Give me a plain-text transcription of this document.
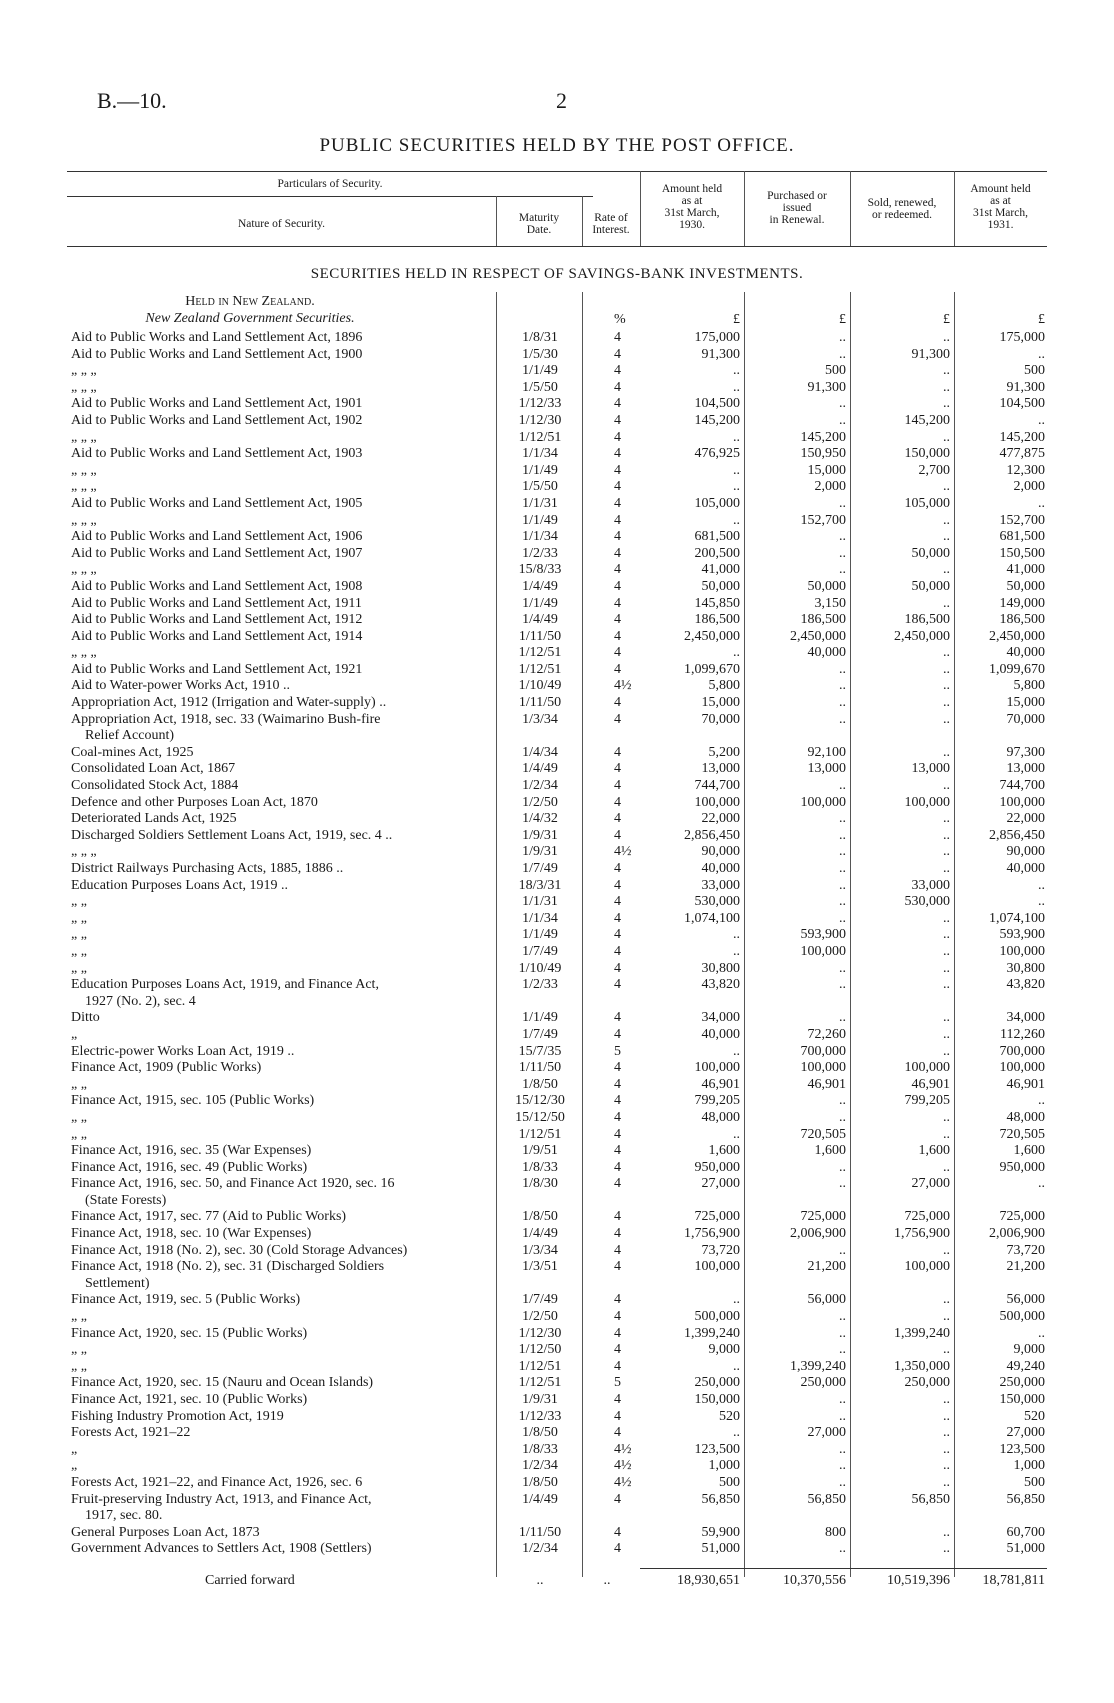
B.—10.	2
PUBLIC SECURITIES HELD BY THE POST OFFICE.
Particulars of Security.
Nature of Security.	Maturity
Date.
Rate of
Interest.
Amount held
as at
31st March,
1930.
Purchased or
issued
in Renewal.
Sold, renewed,
or redeemed.
Amount held
as at
31st March,
1931.
SECURITIES HELD IN RESPECT OF SAVINGS-BANK INVESTMENTS.
Held in New Zealand.
New Zealand Government Securities.	%	£	£	£	£
Aid to Public Works and Land Settlement Act, 1896	1/8/31	4	175,000	..	..	175,000
Aid to Public Works and Land Settlement Act, 1900	1/5/30	4	91,300	..	91,300	..
„ „ „	1/1/49	4	..	500	..	500
„ „ „	1/5/50	4	..	91,300	..	91,300
Aid to Public Works and Land Settlement Act, 1901	1/12/33	4	104,500	..	..	104,500
Aid to Public Works and Land Settlement Act, 1902	1/12/30	4	145,200	..	145,200	..
„ „ „	1/12/51	4	..	145,200	..	145,200
Aid to Public Works and Land Settlement Act, 1903	1/1/34	4	476,925	150,950	150,000	477,875
„ „ „	1/1/49	4	..	15,000	2,700	12,300
„ „ „	1/5/50	4	..	2,000	..	2,000
Aid to Public Works and Land Settlement Act, 1905	1/1/31	4	105,000	..	105,000	..
„ „ „	1/1/49	4	..	152,700	..	152,700
Aid to Public Works and Land Settlement Act, 1906	1/1/34	4	681,500	..	..	681,500
Aid to Public Works and Land Settlement Act, 1907	1/2/33	4	200,500	..	50,000	150,500
„ „ „	15/8/33	4	41,000	..	..	41,000
Aid to Public Works and Land Settlement Act, 1908	1/4/49	4	50,000	50,000	50,000	50,000
Aid to Public Works and Land Settlement Act, 1911	1/1/49	4	145,850	3,150	..	149,000
Aid to Public Works and Land Settlement Act, 1912	1/4/49	4	186,500	186,500	186,500	186,500
Aid to Public Works and Land Settlement Act, 1914	1/11/50	4	2,450,000	2,450,000	2,450,000	2,450,000
„ „ „	1/12/51	4	..	40,000	..	40,000
Aid to Public Works and Land Settlement Act, 1921	1/12/51	4	1,099,670	..	..	1,099,670
Aid to Water-power Works Act, 1910 ..	1/10/49	4½	5,800	..	..	5,800
Appropriation Act, 1912 (Irrigation and Water-supply) ..	1/11/50	4	15,000	..	..	15,000
Appropriation Act, 1918, sec. 33 (Waimarino Bush-fire	1/3/34	4	70,000	..	..	70,000
Relief Account)
Coal-mines Act, 1925	1/4/34	4	5,200	92,100	..	97,300
Consolidated Loan Act, 1867	1/4/49	4	13,000	13,000	13,000	13,000
Consolidated Stock Act, 1884	1/2/34	4	744,700	..	..	744,700
Defence and other Purposes Loan Act, 1870	1/2/50	4	100,000	100,000	100,000	100,000
Deteriorated Lands Act, 1925	1/4/32	4	22,000	..	..	22,000
Discharged Soldiers Settlement Loans Act, 1919, sec. 4 ..	1/9/31	4	2,856,450	..	..	2,856,450
„ „ „	1/9/31	4½	90,000	..	..	90,000
District Railways Purchasing Acts, 1885, 1886 ..	1/7/49	4	40,000	..	..	40,000
Education Purposes Loans Act, 1919 ..	18/3/31	4	33,000	..	33,000	..
„ „	1/1/31	4	530,000	..	530,000	..
„ „	1/1/34	4	1,074,100	..	..	1,074,100
„ „	1/1/49	4	..	593,900	..	593,900
„ „	1/7/49	4	..	100,000	..	100,000
„ „	1/10/49	4	30,800	..	..	30,800
Education Purposes Loans Act, 1919, and Finance Act,	1/2/33	4	43,820	..	..	43,820
1927 (No. 2), sec. 4
Ditto	1/1/49	4	34,000	..	..	34,000
„	1/7/49	4	40,000	72,260	..	112,260
Electric-power Works Loan Act, 1919 ..	15/7/35	5	..	700,000	..	700,000
Finance Act, 1909 (Public Works)	1/11/50	4	100,000	100,000	100,000	100,000
„ „	1/8/50	4	46,901	46,901	46,901	46,901
Finance Act, 1915, sec. 105 (Public Works)	15/12/30	4	799,205	..	799,205	..
„ „	15/12/50	4	48,000	..	..	48,000
„ „	1/12/51	4	..	720,505	..	720,505
Finance Act, 1916, sec. 35 (War Expenses)	1/9/51	4	1,600	1,600	1,600	1,600
Finance Act, 1916, sec. 49 (Public Works)	1/8/33	4	950,000	..	..	950,000
Finance Act, 1916, sec. 50, and Finance Act 1920, sec. 16	1/8/30	4	27,000	..	27,000	..
(State Forests)
Finance Act, 1917, sec. 77 (Aid to Public Works)	1/8/50	4	725,000	725,000	725,000	725,000
Finance Act, 1918, sec. 10 (War Expenses)	1/4/49	4	1,756,900	2,006,900	1,756,900	2,006,900
Finance Act, 1918 (No. 2), sec. 30 (Cold Storage Advances)	1/3/34	4	73,720	..	..	73,720
Finance Act, 1918 (No. 2), sec. 31 (Discharged Soldiers	1/3/51	4	100,000	21,200	100,000	21,200
Settlement)
Finance Act, 1919, sec. 5 (Public Works)	1/7/49	4	..	56,000	..	56,000
„ „	1/2/50	4	500,000	..	..	500,000
Finance Act, 1920, sec. 15 (Public Works)	1/12/30	4	1,399,240	..	1,399,240	..
„ „	1/12/50	4	9,000	..	..	9,000
„ „	1/12/51	4	..	1,399,240	1,350,000	49,240
Finance Act, 1920, sec. 15 (Nauru and Ocean Islands)	1/12/51	5	250,000	250,000	250,000	250,000
Finance Act, 1921, sec. 10 (Public Works)	1/9/31	4	150,000	..	..	150,000
Fishing Industry Promotion Act, 1919	1/12/33	4	520	..	..	520
Forests Act, 1921–22	1/8/50	4	..	27,000	..	27,000
„	1/8/33	4½	123,500	..	..	123,500
„	1/2/34	4½	1,000	..	..	1,000
Forests Act, 1921–22, and Finance Act, 1926, sec. 6	1/8/50	4½	500	..	..	500
Fruit-preserving Industry Act, 1913, and Finance Act,	1/4/49	4	56,850	56,850	56,850	56,850
1917, sec. 80.
General Purposes Loan Act, 1873	1/11/50	4	59,900	800	..	60,700
Government Advances to Settlers Act, 1908 (Settlers)	1/2/34	4	51,000	..	..	51,000
Carried forward	..	..	18,930,651	10,370,556	10,519,396	18,781,811
